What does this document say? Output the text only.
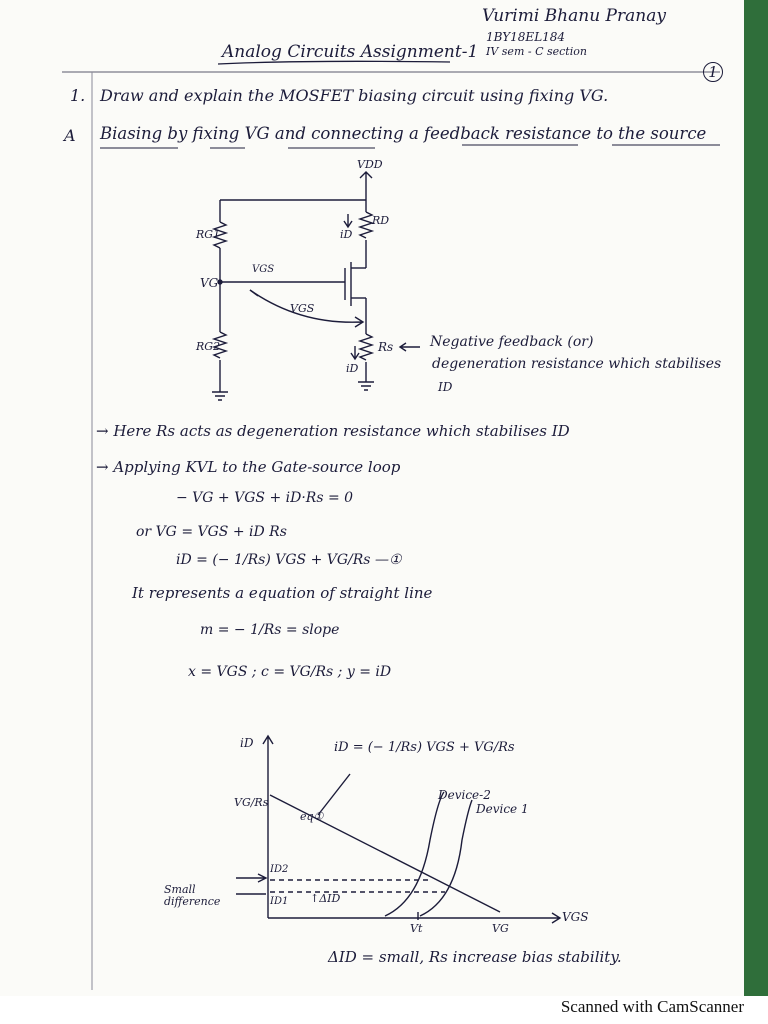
Vurimi Bhanu Pranay
1BY18EL184
IV sem - C section
Analog Circuits Assignment-1
1
1. Draw and explain the MOSFET biasing circuit using fixing VG.
A Biasing by fixing VG and connecting a feedback resistance to the source
VDD
RD
iD
RG1
VG
VGS
VGS
RG2	Rs
iD
Negative feedback (or)
degeneration resistance which stabilises
ID
→ Here Rs acts as degeneration resistance which stabilises ID
→ Applying KVL to the Gate-source loop
− VG + VGS + iD·Rs = 0
or VG = VGS + iD Rs
iD = (− 1/Rs) VGS + VG/Rs —①
It represents a equation of straight line
m = − 1/Rs = slope
x = VGS ; c = VG/Rs ; y = iD
iD
VGS
iD = (− 1/Rs) VGS + VG/Rs
VG/Rs
eq①
Device-2
Device 1
ID2
ID1
Small difference	↑ΔID
Vt	VG
ΔID = small, Rs increase bias stability.
Scanned with CamScanner
